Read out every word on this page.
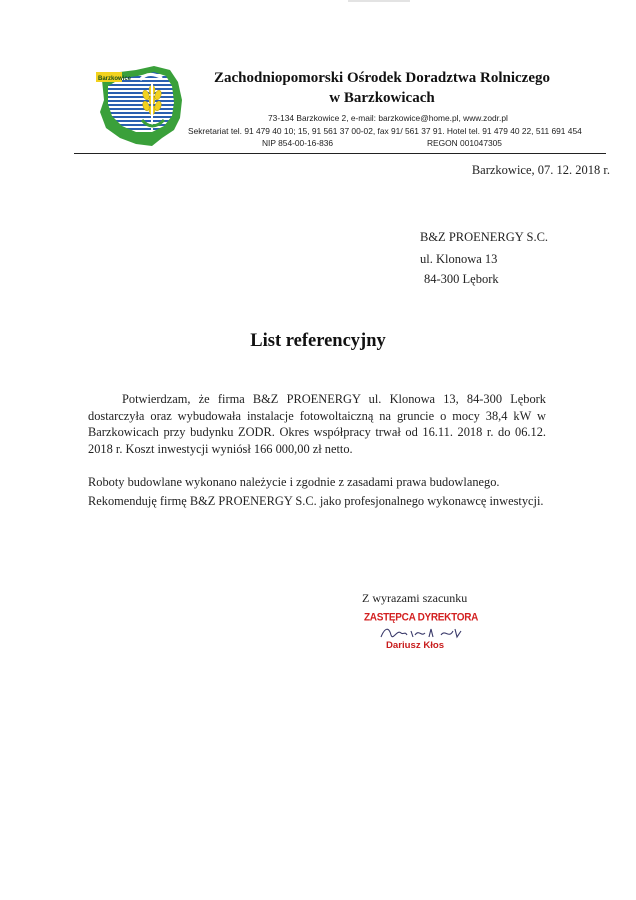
Barzkowice	Zachodniopomorski Ośrodek Doradztwa Rolniczego
w Barzkowicach
73-134 Barzkowice 2, e-mail: barzkowice@home.pl, www.zodr.pl
Sekretariat tel. 91 479 40 10; 15, 91 561 37 00-02, fax 91/ 561 37 91. Hotel tel. 91 479 40 22, 511 691 454
NIP 854-00-16-836	REGON 001047305
Barzkowice, 07. 12. 2018 r.
B&Z PROENERGY S.C.
ul. Klonowa 13
84-300 Lębork
List referencyjny
Potwierdzam, że firma B&Z PROENERGY ul. Klonowa 13, 84-300 Lębork dostarczyła oraz wybudowała instalacje fotowoltaiczną na gruncie o mocy 38,4 kW w Barzkowicach przy budynku ZODR. Okres współpracy trwał od 16.11. 2018 r. do 06.12. 2018 r. Koszt inwestycji wyniósł 166 000,00 zł netto.
Roboty budowlane wykonano należycie i zgodnie z zasadami prawa budowlanego.
Rekomenduję firmę B&Z PROENERGY S.C. jako profesjonalnego wykonawcę inwestycji.
Z wyrazami szacunku
ZASTĘPCA DYREKTORA
Dariusz Kłos
